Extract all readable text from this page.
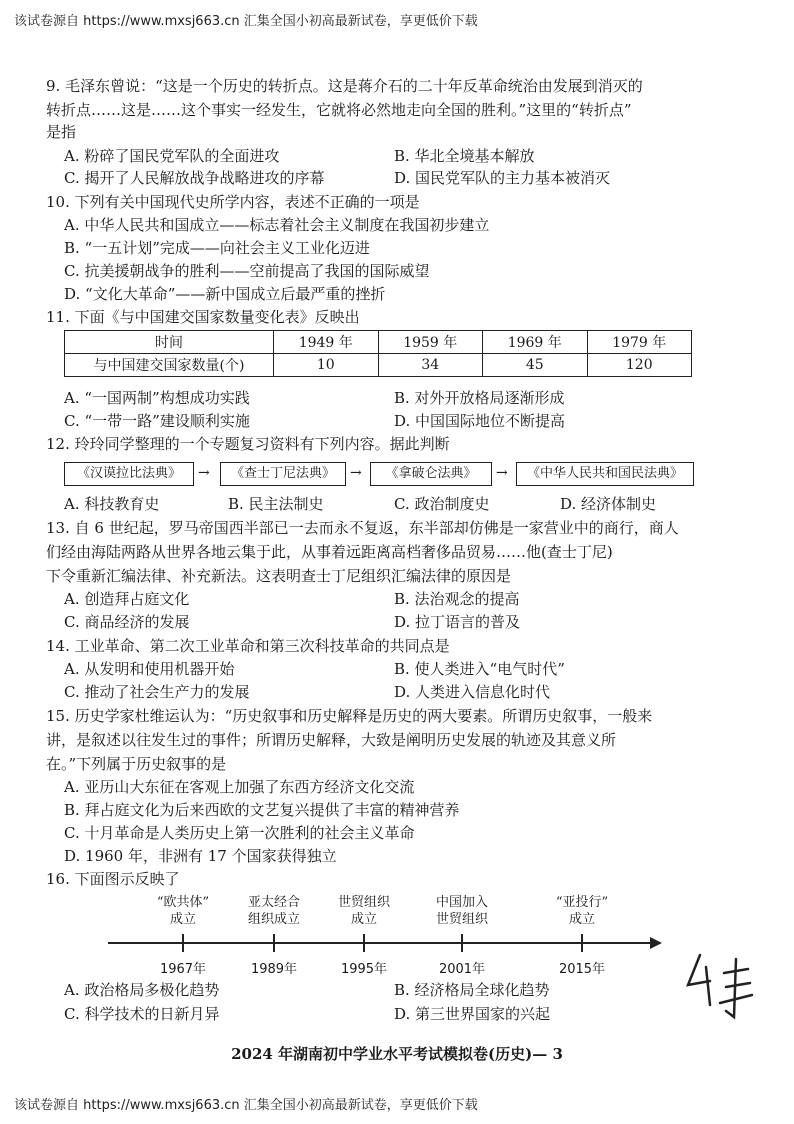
该试卷源自 https://www.mxsj663.cn 汇集全国小初高最新试卷，享更低价下载
9. 毛泽东曾说：“这是一个历史的转折点。这是蒋介石的二十年反革命统治由发展到消灭的
转折点……这是……这个事实一经发生，它就将必然地走向全国的胜利。”这里的“转折点”
是指
A. 粉碎了国民党军队的全面进攻	B. 华北全境基本解放
C. 揭开了人民解放战争战略进攻的序幕	D. 国民党军队的主力基本被消灭
10. 下列有关中国现代史所学内容，表述不正确的一项是
A. 中华人民共和国成立——标志着社会主义制度在我国初步建立
B. “一五计划”完成——向社会主义工业化迈进
C. 抗美援朝战争的胜利——空前提高了我国的国际威望
D. “文化大革命”——新中国成立后最严重的挫折
11. 下面《与中国建交国家数量变化表》反映出
时间	1949 年	1959 年	1969 年	1979 年
与中国建交国家数量(个)	10	34	45	120
A. “一国两制”构想成功实践	B. 对外开放格局逐渐形成
C. “一带一路”建设顺利实施	D. 中国国际地位不断提高
12. 玲玲同学整理的一个专题复习资料有下列内容。据此判断
《汉谟拉比法典》	→	《查士丁尼法典》	→	《拿破仑法典》	→	《中华人民共和国民法典》
A. 科技教育史	B. 民主法制史	C. 政治制度史	D. 经济体制史
13. 自 6 世纪起，罗马帝国西半部已一去而永不复返，东半部却仿佛是一家营业中的商行，商人
们经由海陆两路从世界各地云集于此，从事着远距离高档奢侈品贸易……他(查士丁尼)
下令重新汇编法律、补充新法。这表明查士丁尼组织汇编法律的原因是
A. 创造拜占庭文化	B. 法治观念的提高
C. 商品经济的发展	D. 拉丁语言的普及
14. 工业革命、第二次工业革命和第三次科技革命的共同点是
A. 从发明和使用机器开始	B. 使人类进入“电气时代”
C. 推动了社会生产力的发展	D. 人类进入信息化时代
15. 历史学家杜维运认为：“历史叙事和历史解释是历史的两大要素。所谓历史叙事，一般来
讲，是叙述以往发生过的事件；所谓历史解释，大致是阐明历史发展的轨迹及其意义所
在。”下列属于历史叙事的是
A. 亚历山大东征在客观上加强了东西方经济文化交流
B. 拜占庭文化为后来西欧的文艺复兴提供了丰富的精神营养
C. 十月革命是人类历史上第一次胜利的社会主义革命
D. 1960 年，非洲有 17 个国家获得独立
16. 下面图示反映了
“欧共体”
成立
亚太经合
组织成立
世贸组织
成立
中国加入
世贸组织
“亚投行”
成立
1967年	1989年	1995年	2001年	2015年
A. 政治格局多极化趋势	B. 经济格局全球化趋势
C. 科学技术的日新月异	D. 第三世界国家的兴起
2024 年湖南初中学业水平考试模拟卷(历史)— 3
该试卷源自 https://www.mxsj663.cn 汇集全国小初高最新试卷，享更低价下载
